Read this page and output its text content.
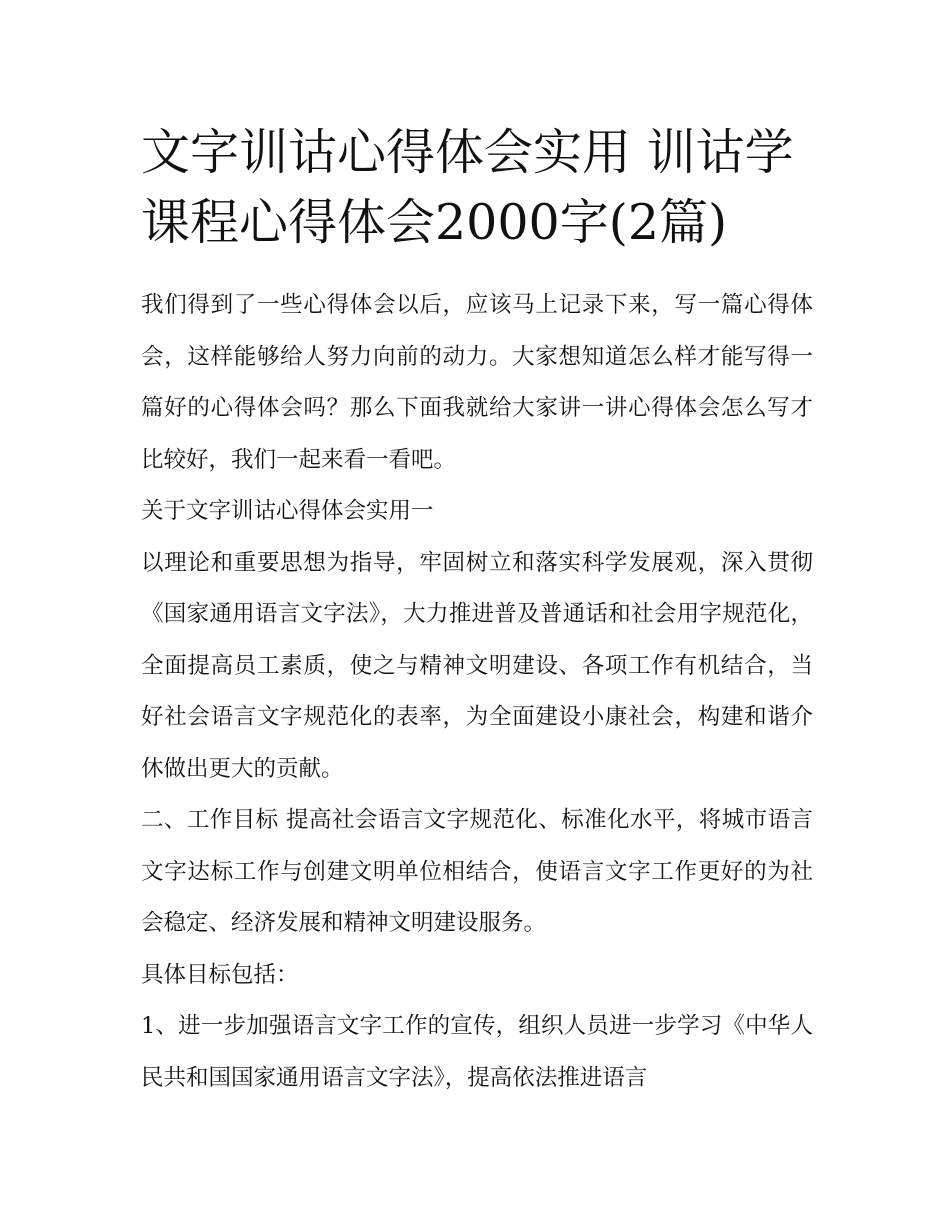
文字训诂心得体会实用 训诂学课程心得体会2000字(2篇)

我们得到了一些心得体会以后，应该马上记录下来，写一篇心得体会，这样能够给人努力向前的动力。大家想知道怎么样才能写得一篇好的心得体会吗？那么下面我就给大家讲一讲心得体会怎么写才比较好，我们一起来看一看吧。

关于文字训诂心得体会实用一

以理论和重要思想为指导，牢固树立和落实科学发展观，深入贯彻《国家通用语言文字法》，大力推进普及普通话和社会用字规范化，全面提高员工素质，使之与精神文明建设、各项工作有机结合，当好社会语言文字规范化的表率，为全面建设小康社会，构建和谐介休做出更大的贡献。

二、工作目标 提高社会语言文字规范化、标准化水平，将城市语言文字达标工作与创建文明单位相结合，使语言文字工作更好的为社会稳定、经济发展和精神文明建设服务。

具体目标包括：

1、进一步加强语言文字工作的宣传，组织人员进一步学习《中华人民共和国国家通用语言文字法》，提高依法推进语言
